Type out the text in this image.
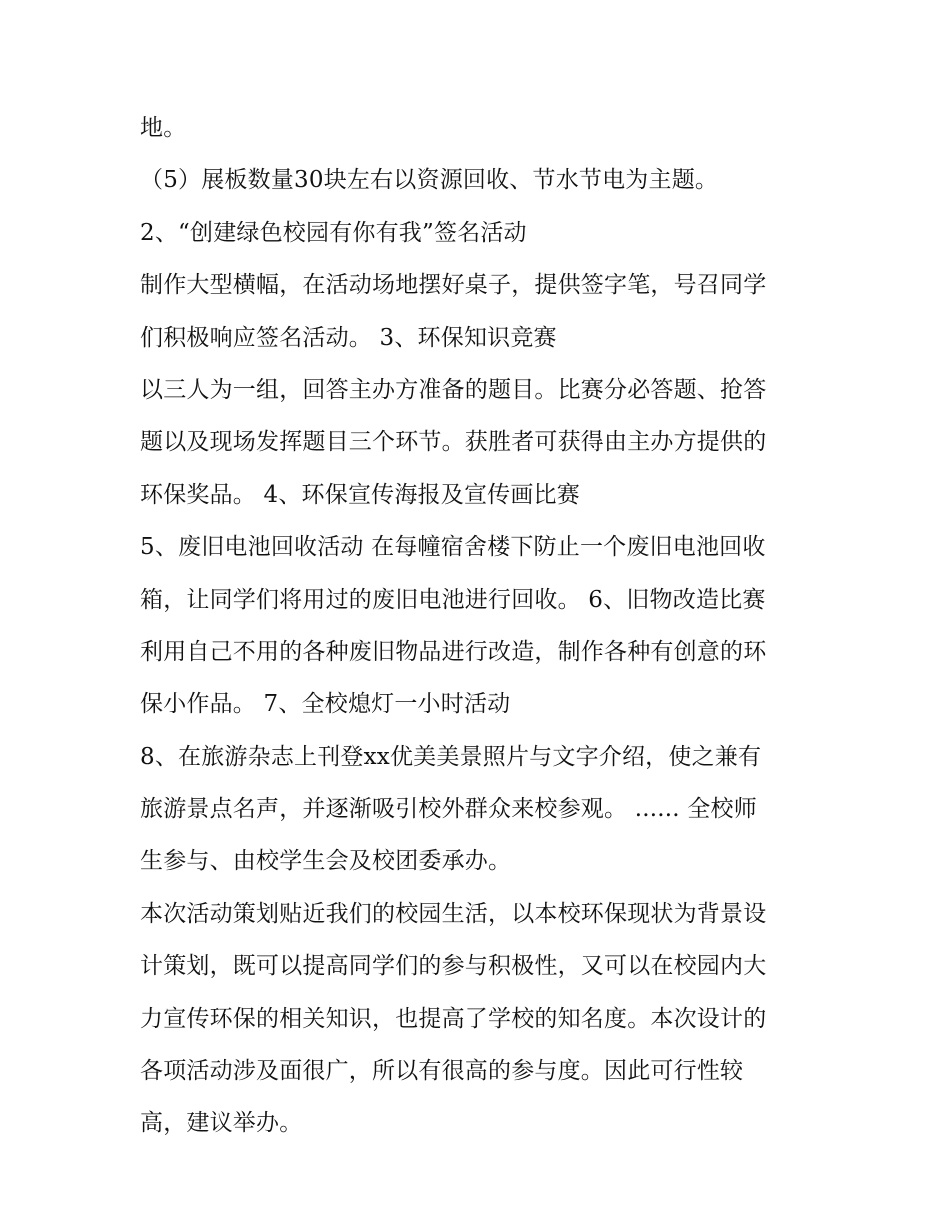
地。
（5）展板数量30块左右以资源回收、节水节电为主题。
2、“创建绿色校园有你有我”签名活动
制作大型横幅，在活动场地摆好桌子，提供签字笔，号召同学
们积极响应签名活动。 3、环保知识竞赛
以三人为一组，回答主办方准备的题目。比赛分必答题、抢答
题以及现场发挥题目三个环节。获胜者可获得由主办方提供的
环保奖品。 4、环保宣传海报及宣传画比赛
5、废旧电池回收活动 在每幢宿舍楼下防止一个废旧电池回收
箱，让同学们将用过的废旧电池进行回收。 6、旧物改造比赛
利用自己不用的各种废旧物品进行改造，制作各种有创意的环
保小作品。 7、全校熄灯一小时活动
8、在旅游杂志上刊登xx优美美景照片与文字介绍，使之兼有
旅游景点名声，并逐渐吸引校外群众来校参观。 ...... 全校师
生参与、由校学生会及校团委承办。
本次活动策划贴近我们的校园生活，以本校环保现状为背景设
计策划，既可以提高同学们的参与积极性，又可以在校园内大
力宣传环保的相关知识，也提高了学校的知名度。本次设计的
各项活动涉及面很广，所以有很高的参与度。因此可行性较
高，建议举办。
